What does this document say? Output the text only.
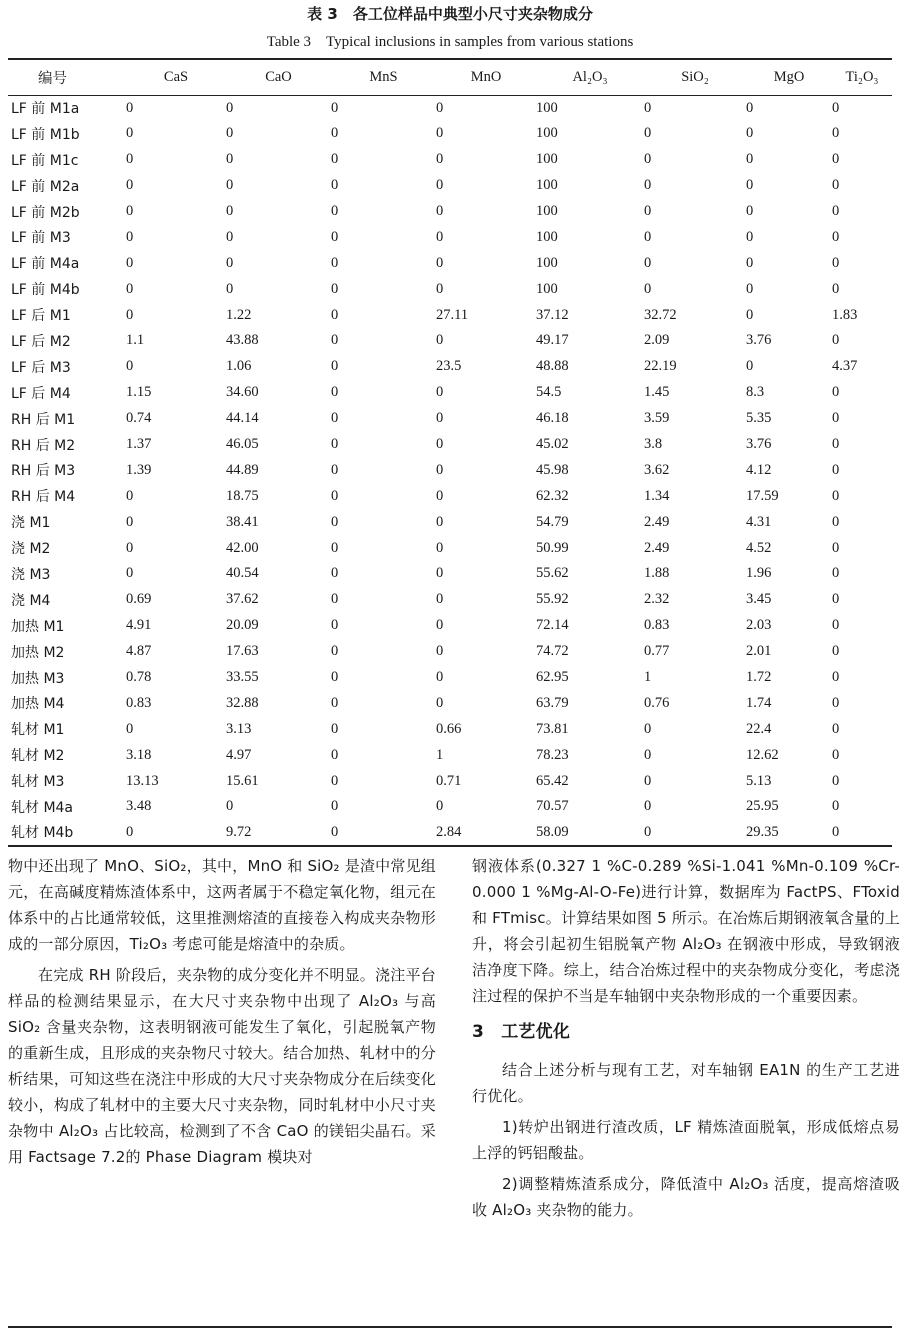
表 3　各工位样品中典型小尺寸夹杂物成分
Table 3　Typical inclusions in samples from various stations
编号	CaS	CaO	MnS	MnO	Al₂O₃	SiO₂	MgO	Ti₂O₃
LF 前 M1a	0	0	0	0	100	0	0	0
LF 前 M1b	0	0	0	0	100	0	0	0
LF 前 M1c	0	0	0	0	100	0	0	0
LF 前 M2a	0	0	0	0	100	0	0	0
LF 前 M2b	0	0	0	0	100	0	0	0
LF 前 M3	0	0	0	0	100	0	0	0
LF 前 M4a	0	0	0	0	100	0	0	0
LF 前 M4b	0	0	0	0	100	0	0	0
LF 后 M1	0	1.22	0	27.11	37.12	32.72	0	1.83
LF 后 M2	1.1	43.88	0	0	49.17	2.09	3.76	0
LF 后 M3	0	1.06	0	23.5	48.88	22.19	0	4.37
LF 后 M4	1.15	34.60	0	0	54.5	1.45	8.3	0
RH 后 M1	0.74	44.14	0	0	46.18	3.59	5.35	0
RH 后 M2	1.37	46.05	0	0	45.02	3.8	3.76	0
RH 后 M3	1.39	44.89	0	0	45.98	3.62	4.12	0
RH 后 M4	0	18.75	0	0	62.32	1.34	17.59	0
浇 M1	0	38.41	0	0	54.79	2.49	4.31	0
浇 M2	0	42.00	0	0	50.99	2.49	4.52	0
浇 M3	0	40.54	0	0	55.62	1.88	1.96	0
浇 M4	0.69	37.62	0	0	55.92	2.32	3.45	0
加热 M1	4.91	20.09	0	0	72.14	0.83	2.03	0
加热 M2	4.87	17.63	0	0	74.72	0.77	2.01	0
加热 M3	0.78	33.55	0	0	62.95	1	1.72	0
加热 M4	0.83	32.88	0	0	63.79	0.76	1.74	0
轧材 M1	0	3.13	0	0.66	73.81	0	22.4	0
轧材 M2	3.18	4.97	0	1	78.23	0	12.62	0
轧材 M3	13.13	15.61	0	0.71	65.42	0	5.13	0
轧材 M4a	3.48	0	0	0	70.57	0	25.95	0
轧材 M4b	0	9.72	0	2.84	58.09	0	29.35	0

物中还出现了 MnO、SiO₂，其中，MnO 和 SiO₂ 是渣中常见组元，在高碱度精炼渣体系中，这两者属于不稳定氧化物，组元在体系中的占比通常较低，这里推测熔渣的直接卷入构成夹杂物形成的一部分原因，Ti₂O₃ 考虑可能是熔渣中的杂质。

在完成 RH 阶段后，夹杂物的成分变化并不明显。浇注平台样品的检测结果显示，在大尺寸夹杂物中出现了 Al₂O₃ 与高 SiO₂ 含量夹杂物，这表明钢液可能发生了氧化，引起脱氧产物的重新生成，且形成的夹杂物尺寸较大。结合加热、轧材中的分析结果，可知这些在浇注中形成的大尺寸夹杂物成分在后续变化较小，构成了轧材中的主要大尺寸夹杂物，同时轧材中小尺寸夹杂物中 Al₂O₃ 占比较高，检测到了不含 CaO 的镁铝尖晶石。采用 Factsage 7.2的 Phase Diagram 模块对

钢液体系(0.327 1 %C-0.289 %Si-1.041 %Mn-0.109 %Cr-0.000 1 %Mg-Al-O-Fe)进行计算，数据库为 FactPS、FToxid 和 FTmisc。计算结果如图 5 所示。在冶炼后期钢液氧含量的上升，将会引起初生铝脱氧产物 Al₂O₃ 在钢液中形成，导致钢液洁净度下降。综上，结合冶炼过程中的夹杂物成分变化，考虑浇注过程的保护不当是车轴钢中夹杂物形成的一个重要因素。

3　工艺优化

结合上述分析与现有工艺，对车轴钢 EA1N 的生产工艺进行优化。

1)转炉出钢进行渣改质，LF 精炼渣面脱氧，形成低熔点易上浮的钙铝酸盐。

2)调整精炼渣系成分，降低渣中 Al₂O₃ 活度，提高熔渣吸收 Al₂O₃ 夹杂物的能力。
